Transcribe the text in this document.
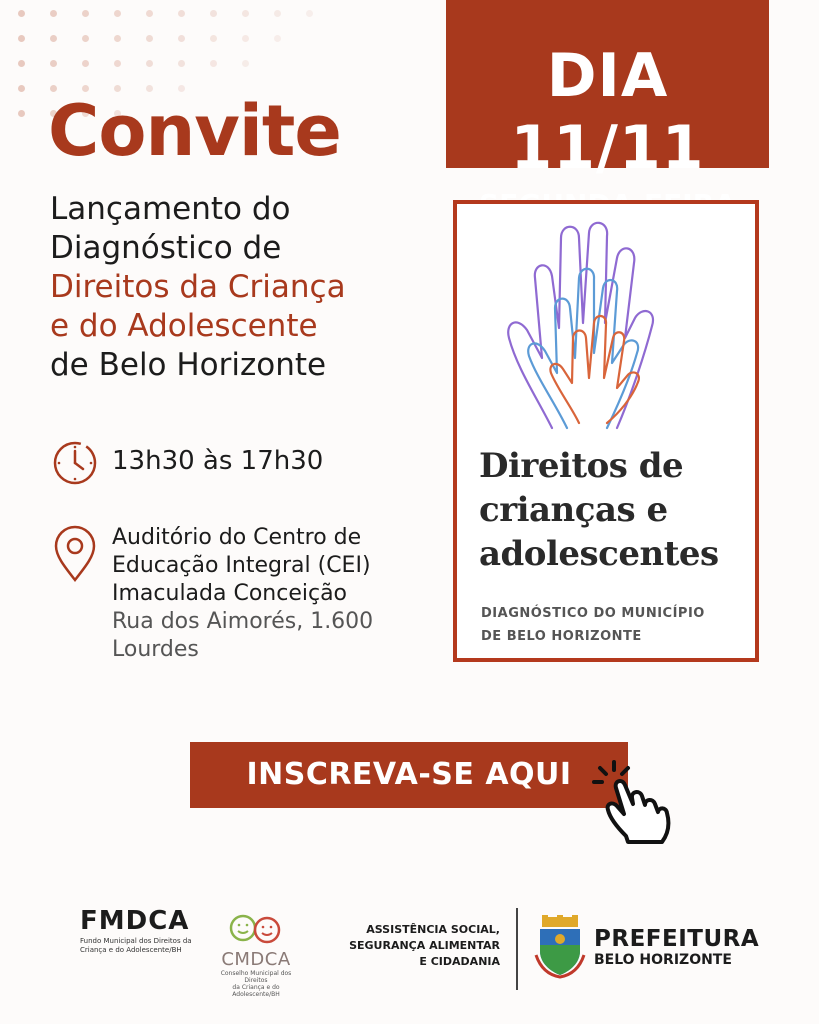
Convite
Lançamento do
Diagnóstico de
Direitos da Criança
e do Adolescente
de Belo Horizonte
13h30 às 17h30
Auditório do Centro de
Educação Integral (CEI)
Imaculada Conceição
Rua dos Aimorés, 1.600
Lourdes
DIA 11/11
Direitos de
crianças e
adolescentes
DIAGNÓSTICO DO MUNICÍPIO
DE BELO HORIZONTE
INSCREVA-SE AQUI
FMDCA
Fundo Municipal dos Direitos da
Criança e do Adolescente/BH	CMDCA
Conselho Municipal dos Direitos
da Criança e do Adolescente/BH
ASSISTÊNCIA SOCIAL,
SEGURANÇA ALIMENTAR
E CIDADANIA
PREFEITURA
BELO HORIZONTE
